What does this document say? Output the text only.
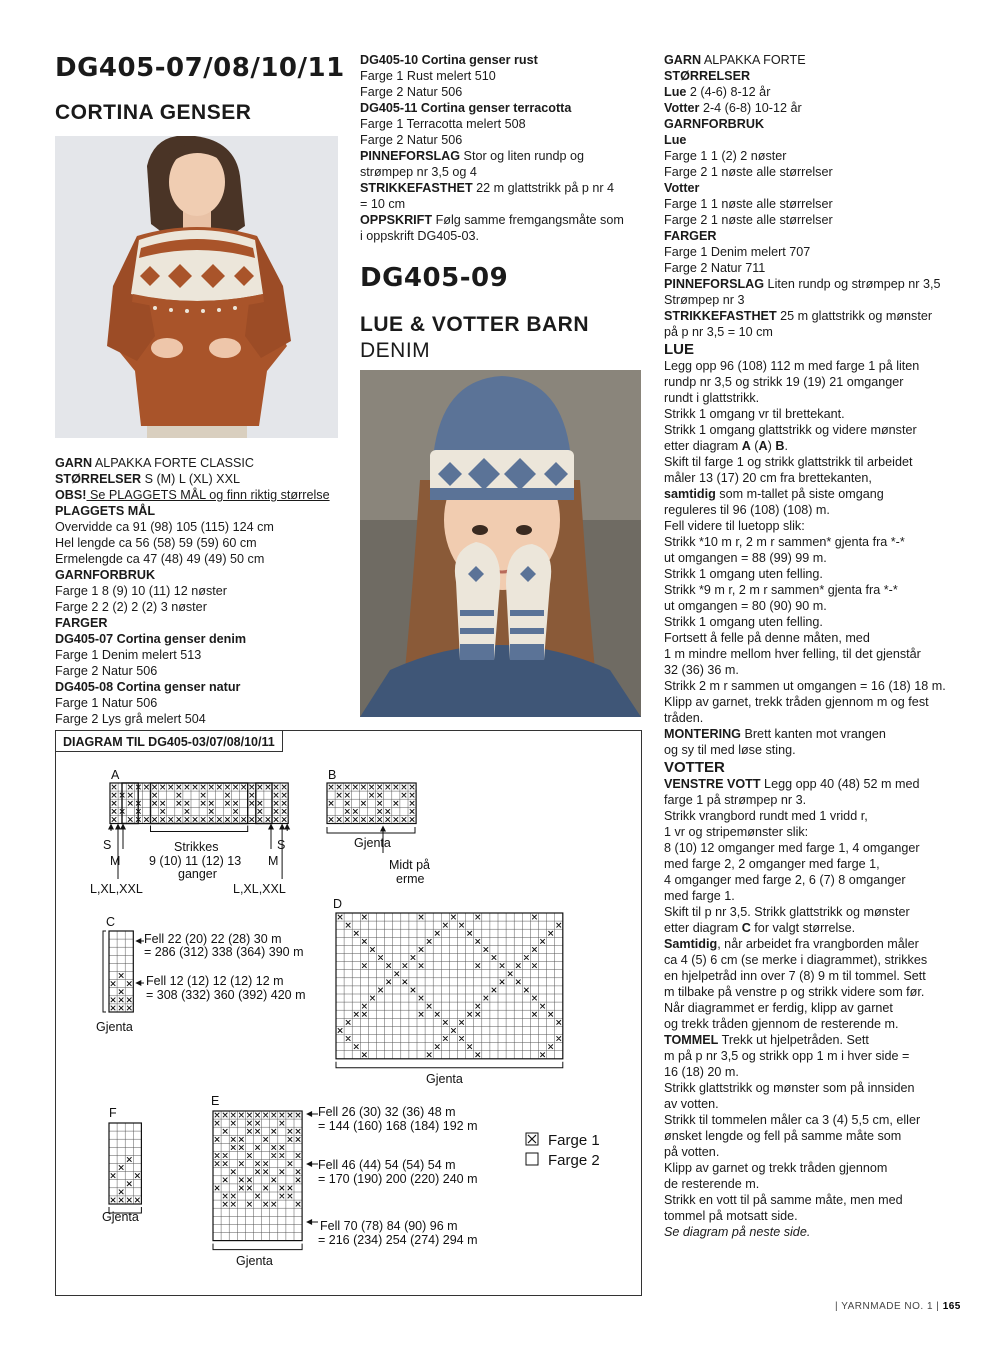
DG405-07/08/10/11
CORTINA GENSER
GARN ALPAKKA FORTE CLASSIC
STØRRELSER S (M) L (XL) XXL
OBS! Se PLAGGETS MÅL og finn riktig størrelse
PLAGGETS MÅL
Overvidde ca 91 (98) 105 (115) 124 cm
Hel lengde ca 56 (58) 59 (59) 60 cm
Ermelengde ca 47 (48) 49 (49) 50 cm
GARNFORBRUK
Farge 1 8 (9) 10 (11) 12 nøster
Farge 2 2 (2) 2 (2) 3 nøster
FARGER
DG405-07 Cortina genser denim
Farge 1 Denim melert 513
Farge 2 Natur 506
DG405-08 Cortina genser natur
Farge 1 Natur 506
Farge 2 Lys grå melert 504
DG405-10 Cortina genser rust
Farge 1 Rust melert 510
Farge 2 Natur 506
DG405-11 Cortina genser terracotta
Farge 1 Terracotta melert 508
Farge 2 Natur 506
PINNEFORSLAG Stor og liten rundp og
strømpep nr 3,5 og 4
STRIKKEFASTHET 22 m glattstrikk på p nr 4
= 10 cm
OPPSKRIFT Følg samme fremgangsmåte som
i oppskrift DG405-03.
DG405-09
LUE & VOTTER BARN
DENIM
GARN ALPAKKA FORTE
STØRRELSER
Lue 2 (4-6) 8-12 år
Votter 2-4 (6-8) 10-12 år
GARNFORBRUK
Lue
Farge 1 1 (2) 2 nøster
Farge 2 1 nøste alle størrelser
Votter
Farge 1 1 nøste alle størrelser
Farge 2 1 nøste alle størrelser
FARGER
Farge 1 Denim melert 707
Farge 2 Natur 711
PINNEFORSLAG Liten rundp og strømpep nr 3,5
Strømpep nr 3
STRIKKEFASTHET 25 m glattstrikk og mønster
på p nr 3,5 = 10 cm
LUE
Legg opp 96 (108) 112 m med farge 1 på liten
rundp nr 3,5 og strikk 19 (19) 21 omganger
rundt i glattstrikk.
Strikk 1 omgang vr til brettekant.
Strikk 1 omgang glattstrikk og videre mønster
etter diagram A (A) B.
Skift til farge 1 og strikk glattstrikk til arbeidet
måler 13 (17) 20 cm fra brettekanten,
samtidig som m-tallet på siste omgang
reguleres til 96 (108) (108) m.
Fell videre til luetopp slik:
Strikk *10 m r, 2 m r sammen* gjenta fra *-*
ut omgangen = 88 (99) 99 m.
Strikk 1 omgang uten felling.
Strikk *9 m r, 2 m r sammen* gjenta fra *-*
ut omgangen = 80 (90) 90 m.
Strikk 1 omgang uten felling.
Fortsett å felle på denne måten, med
1 m mindre mellom hver felling, til det gjenstår
32 (36) 36 m.
Strikk 2 m r sammen ut omgangen = 16 (18) 18 m.
Klipp av garnet, trekk tråden gjennom m og fest
tråden.
MONTERING Brett kanten mot vrangen
og sy til med løse sting.
VOTTER
VENSTRE VOTT Legg opp 40 (48) 52 m med
farge 1 på strømpep nr 3.
Strikk vrangbord rundt med 1 vridd r,
1 vr og stripemønster slik:
8 (10) 12 omganger med farge 1, 4 omganger
med farge 2, 2 omganger med farge 1,
4 omganger med farge 2, 6 (7) 8 omganger
med farge 1.
Skift til p nr 3,5. Strikk glattstrikk og mønster
etter diagram C for valgt størrelse.
Samtidig, når arbeidet fra vrangborden måler
ca 4 (5) 6 cm (se merke i diagrammet), strikkes
en hjelpetråd inn over 7 (8) 9 m til tommel. Sett
m tilbake på venstre p og strikk videre som før.
Når diagrammet er ferdig, klipp av garnet
og trekk tråden gjennom de resterende m.
TOMMEL Trekk ut hjelpetråden. Sett
m på p nr 3,5 og strikk opp 1 m i hver side =
16 (18) 20 m.
Strikk glattstrikk og mønster som på innsiden
av votten.
Strikk til tommelen måler ca 3 (4) 5,5 cm, eller
ønsket lengde og fell på samme måte som
på votten.
Klipp av garnet og trekk tråden gjennom
de resterende m.
Strikk en vott til på samme måte, men med
tommel på motsatt side.
Se diagram på neste side.
A
S
M
L,XL,XXL
S
M
L,XL,XXL
Strikkes
9 (10) 11 (12) 13
ganger
B
Gjenta
Midt på
erme
C
Fell 22 (20) 22 (28) 30 m
= 286 (312) 338 (364) 390 m
Fell 12 (12) 12 (12) 12 m
= 308 (332) 360 (392) 420 m
Gjenta
D
Gjenta
F
Gjenta
E
Fell 26 (30) 32 (36) 48 m
= 144 (160) 168 (184) 192 m
Fell 46 (44) 54 (54) 54 m
= 170 (190) 200 (220) 240 m
Fell 70 (78) 84 (90) 96 m
= 216 (234) 254 (274) 294 m
Gjenta
Farge 1
Farge 2
DIAGRAM TIL DG405-03/07/08/10/11
| YARNMADE NO. 1 | 165
